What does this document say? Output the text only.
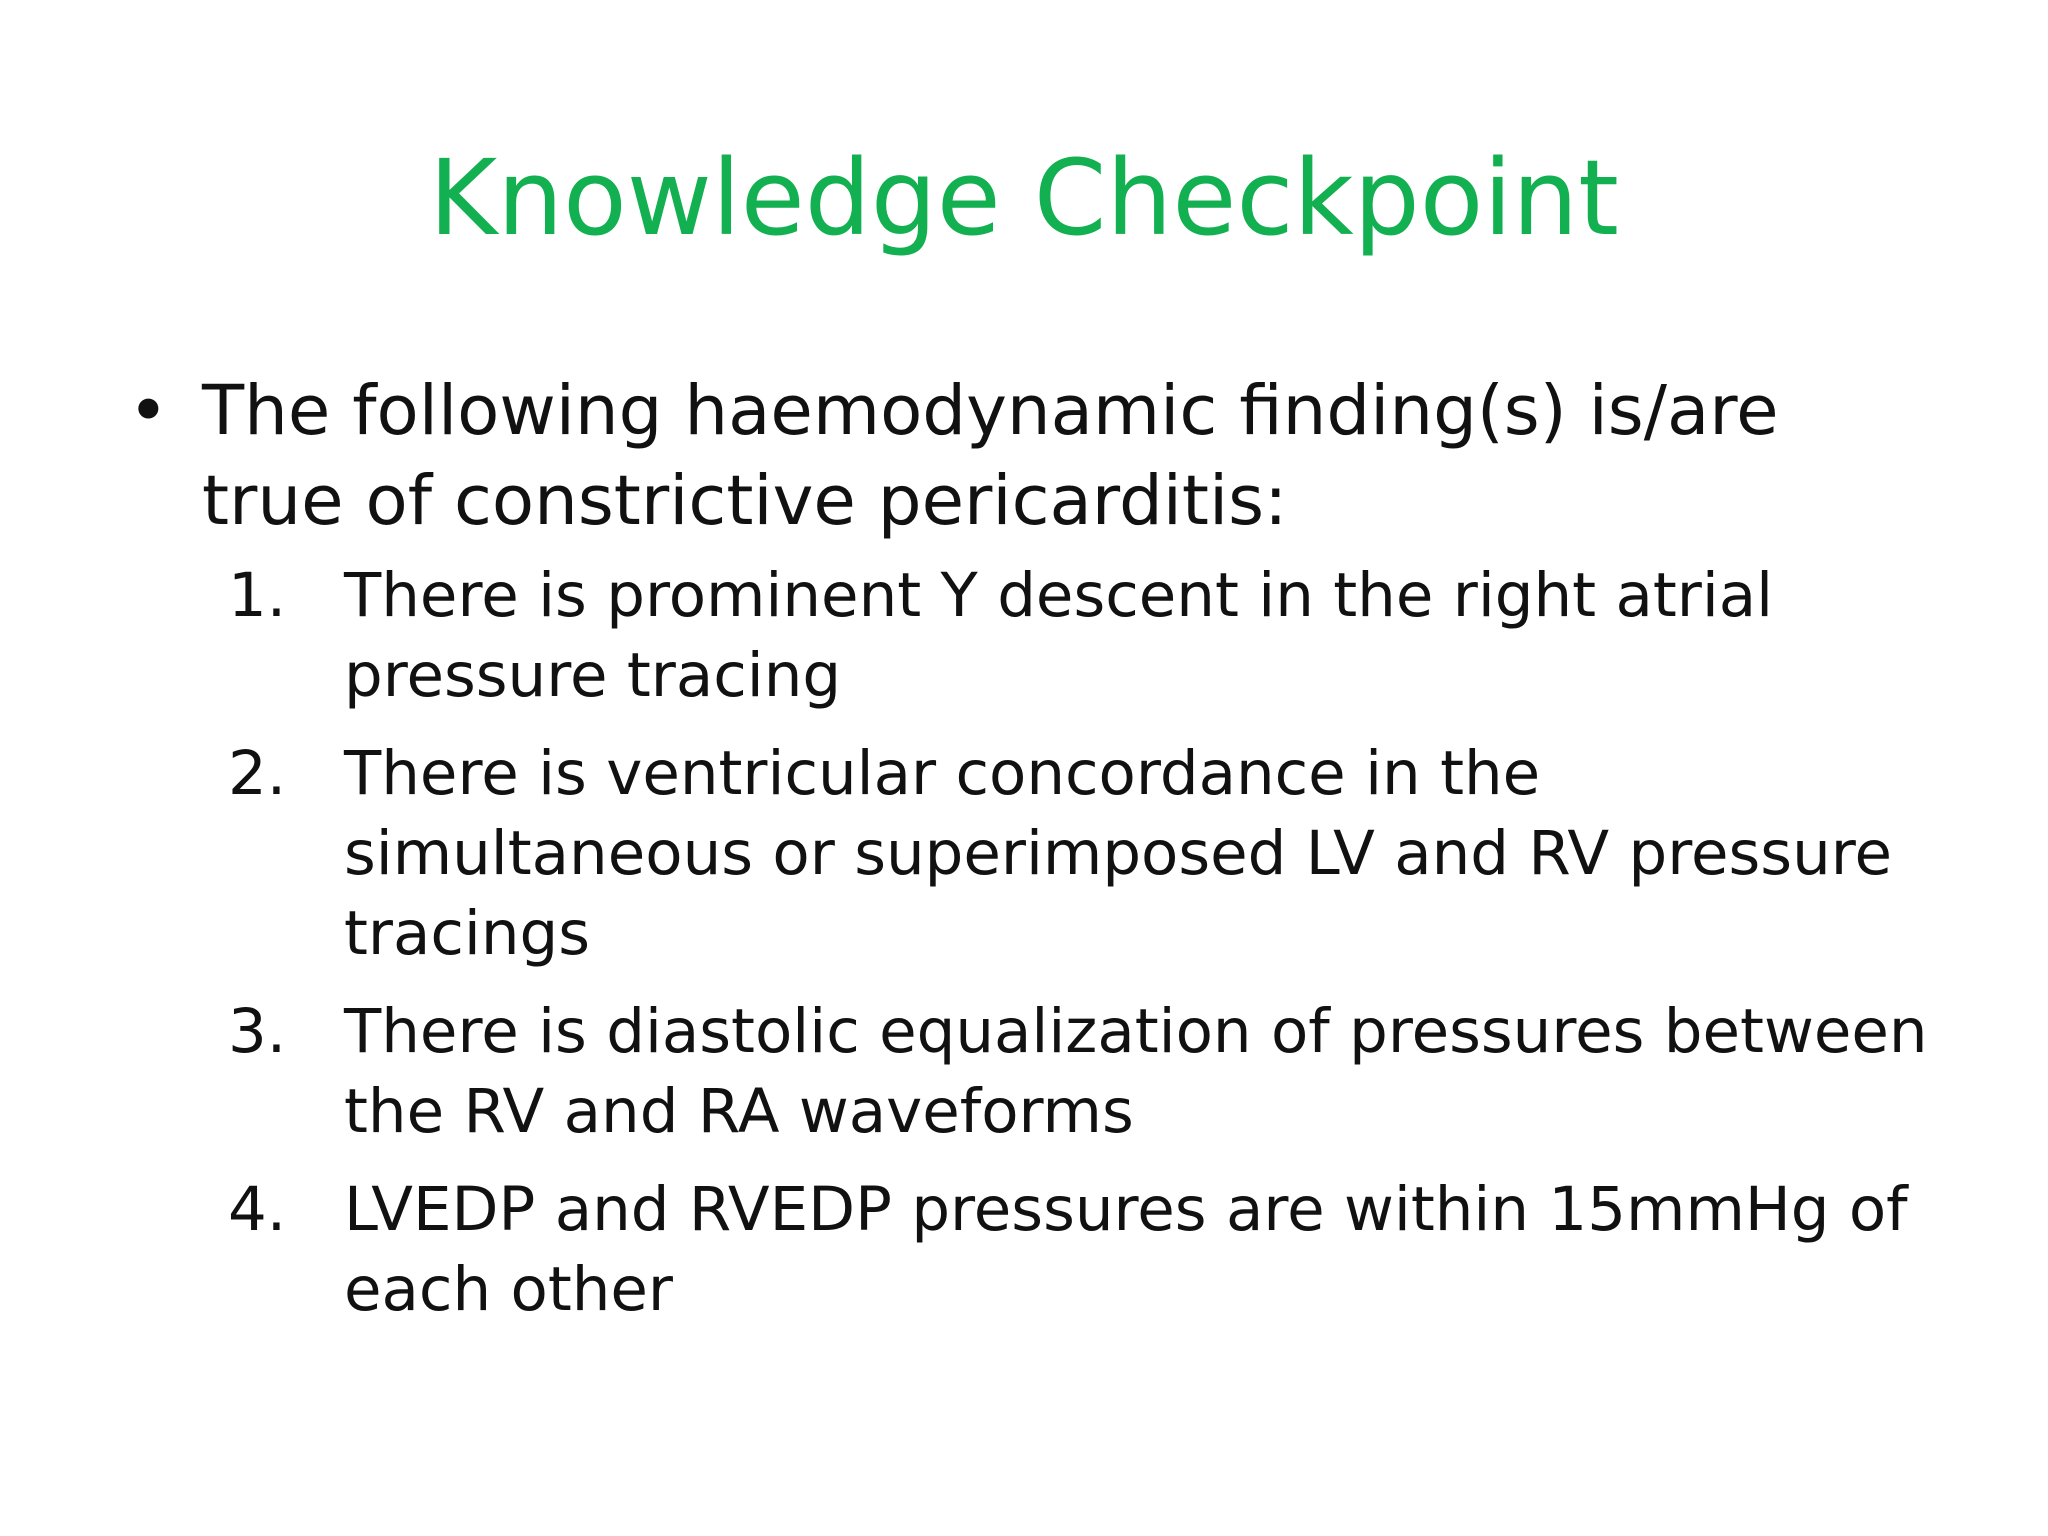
Knowledge Checkpoint
• The following haemodynamic finding(s) is/are
true of constrictive pericarditis:
1. There is prominent Y descent in the right atrial
pressure tracing
2. There is ventricular concordance in the
simultaneous or superimposed LV and RV pressure
tracings
3. There is diastolic equalization of pressures between
the RV and RA waveforms
4. LVEDP and RVEDP pressures are within 15mmHg of
each other
